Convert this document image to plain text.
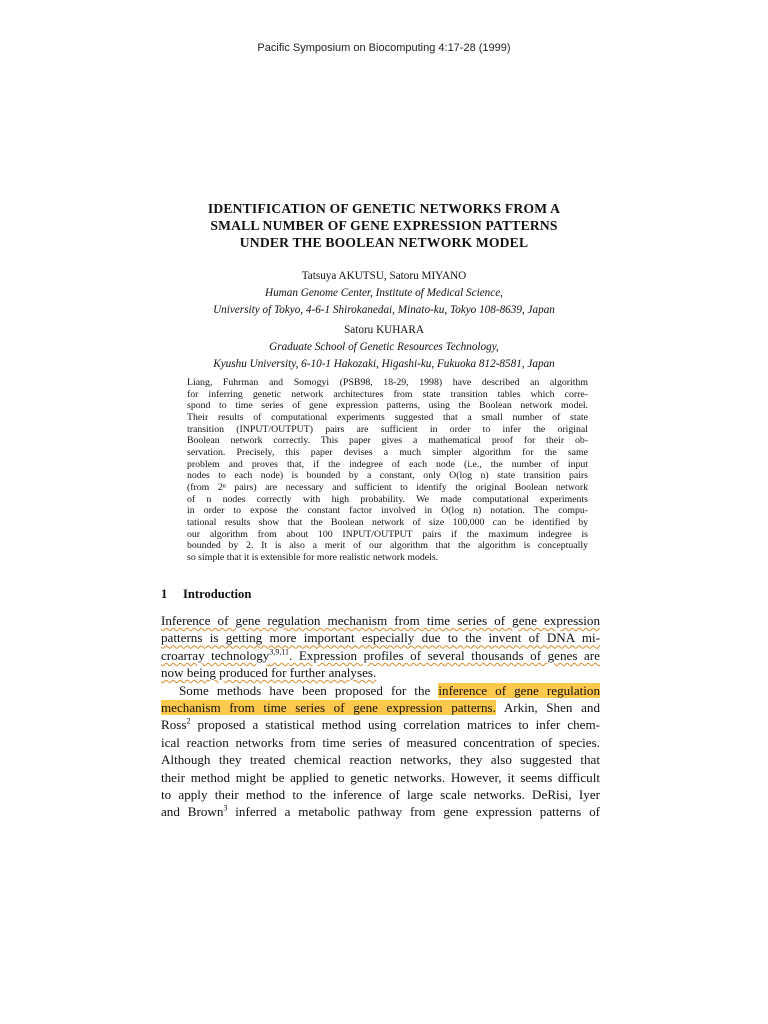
Pacific Symposium on Biocomputing 4:17-28 (1999)
IDENTIFICATION OF GENETIC NETWORKS FROM A
SMALL NUMBER OF GENE EXPRESSION PATTERNS
UNDER THE BOOLEAN NETWORK MODEL
Tatsuya AKUTSU, Satoru MIYANO
Human Genome Center, Institute of Medical Science,
University of Tokyo, 4-6-1 Shirokanedai, Minato-ku, Tokyo 108-8639, Japan
Satoru KUHARA
Graduate School of Genetic Resources Technology,
Kyushu University, 6-10-1 Hakozaki, Higashi-ku, Fukuoka 812-8581, Japan
Liang, Fuhrman and Somogyi (PSB98, 18-29, 1998) have described an algorithm
for inferring genetic network architectures from state transition tables which corre-
spond to time series of gene expression patterns, using the Boolean network model.
Their results of computational experiments suggested that a small number of state
transition (INPUT/OUTPUT) pairs are sufficient in order to infer the original
Boolean network correctly. This paper gives a mathematical proof for their ob-
servation. Precisely, this paper devises a much simpler algorithm for the same
problem and proves that, if the indegree of each node (i.e., the number of input
nodes to each node) is bounded by a constant, only O(log n) state transition pairs
(from 2ⁿ pairs) are necessary and sufficient to identify the original Boolean network
of n nodes correctly with high probability. We made computational experiments
in order to expose the constant factor involved in O(log n) notation. The compu-
tational results show that the Boolean network of size 100,000 can be identified by
our algorithm from about 100 INPUT/OUTPUT pairs if the maximum indegree is
bounded by 2. It is also a merit of our algorithm that the algorithm is conceptually
so simple that it is extensible for more realistic network models.
1 Introduction
Inference of gene regulation mechanism from time series of gene expression
patterns is getting more important especially due to the invent of DNA mi-
croarray technology$^{3,9,11}$. Expression profiles of several thousands of genes are
now being produced for further analyses.
Some methods have been proposed for the inference of gene regulation
mechanism from time series of gene expression patterns. Arkin, Shen and
Ross$^2$ proposed a statistical method using correlation matrices to infer chem-
ical reaction networks from time series of measured concentration of species.
Although they treated chemical reaction networks, they also suggested that
their method might be applied to genetic networks. However, it seems difficult
to apply their method to the inference of large scale networks. DeRisi, Iyer
and Brown$^3$ inferred a metabolic pathway from gene expression patterns of
